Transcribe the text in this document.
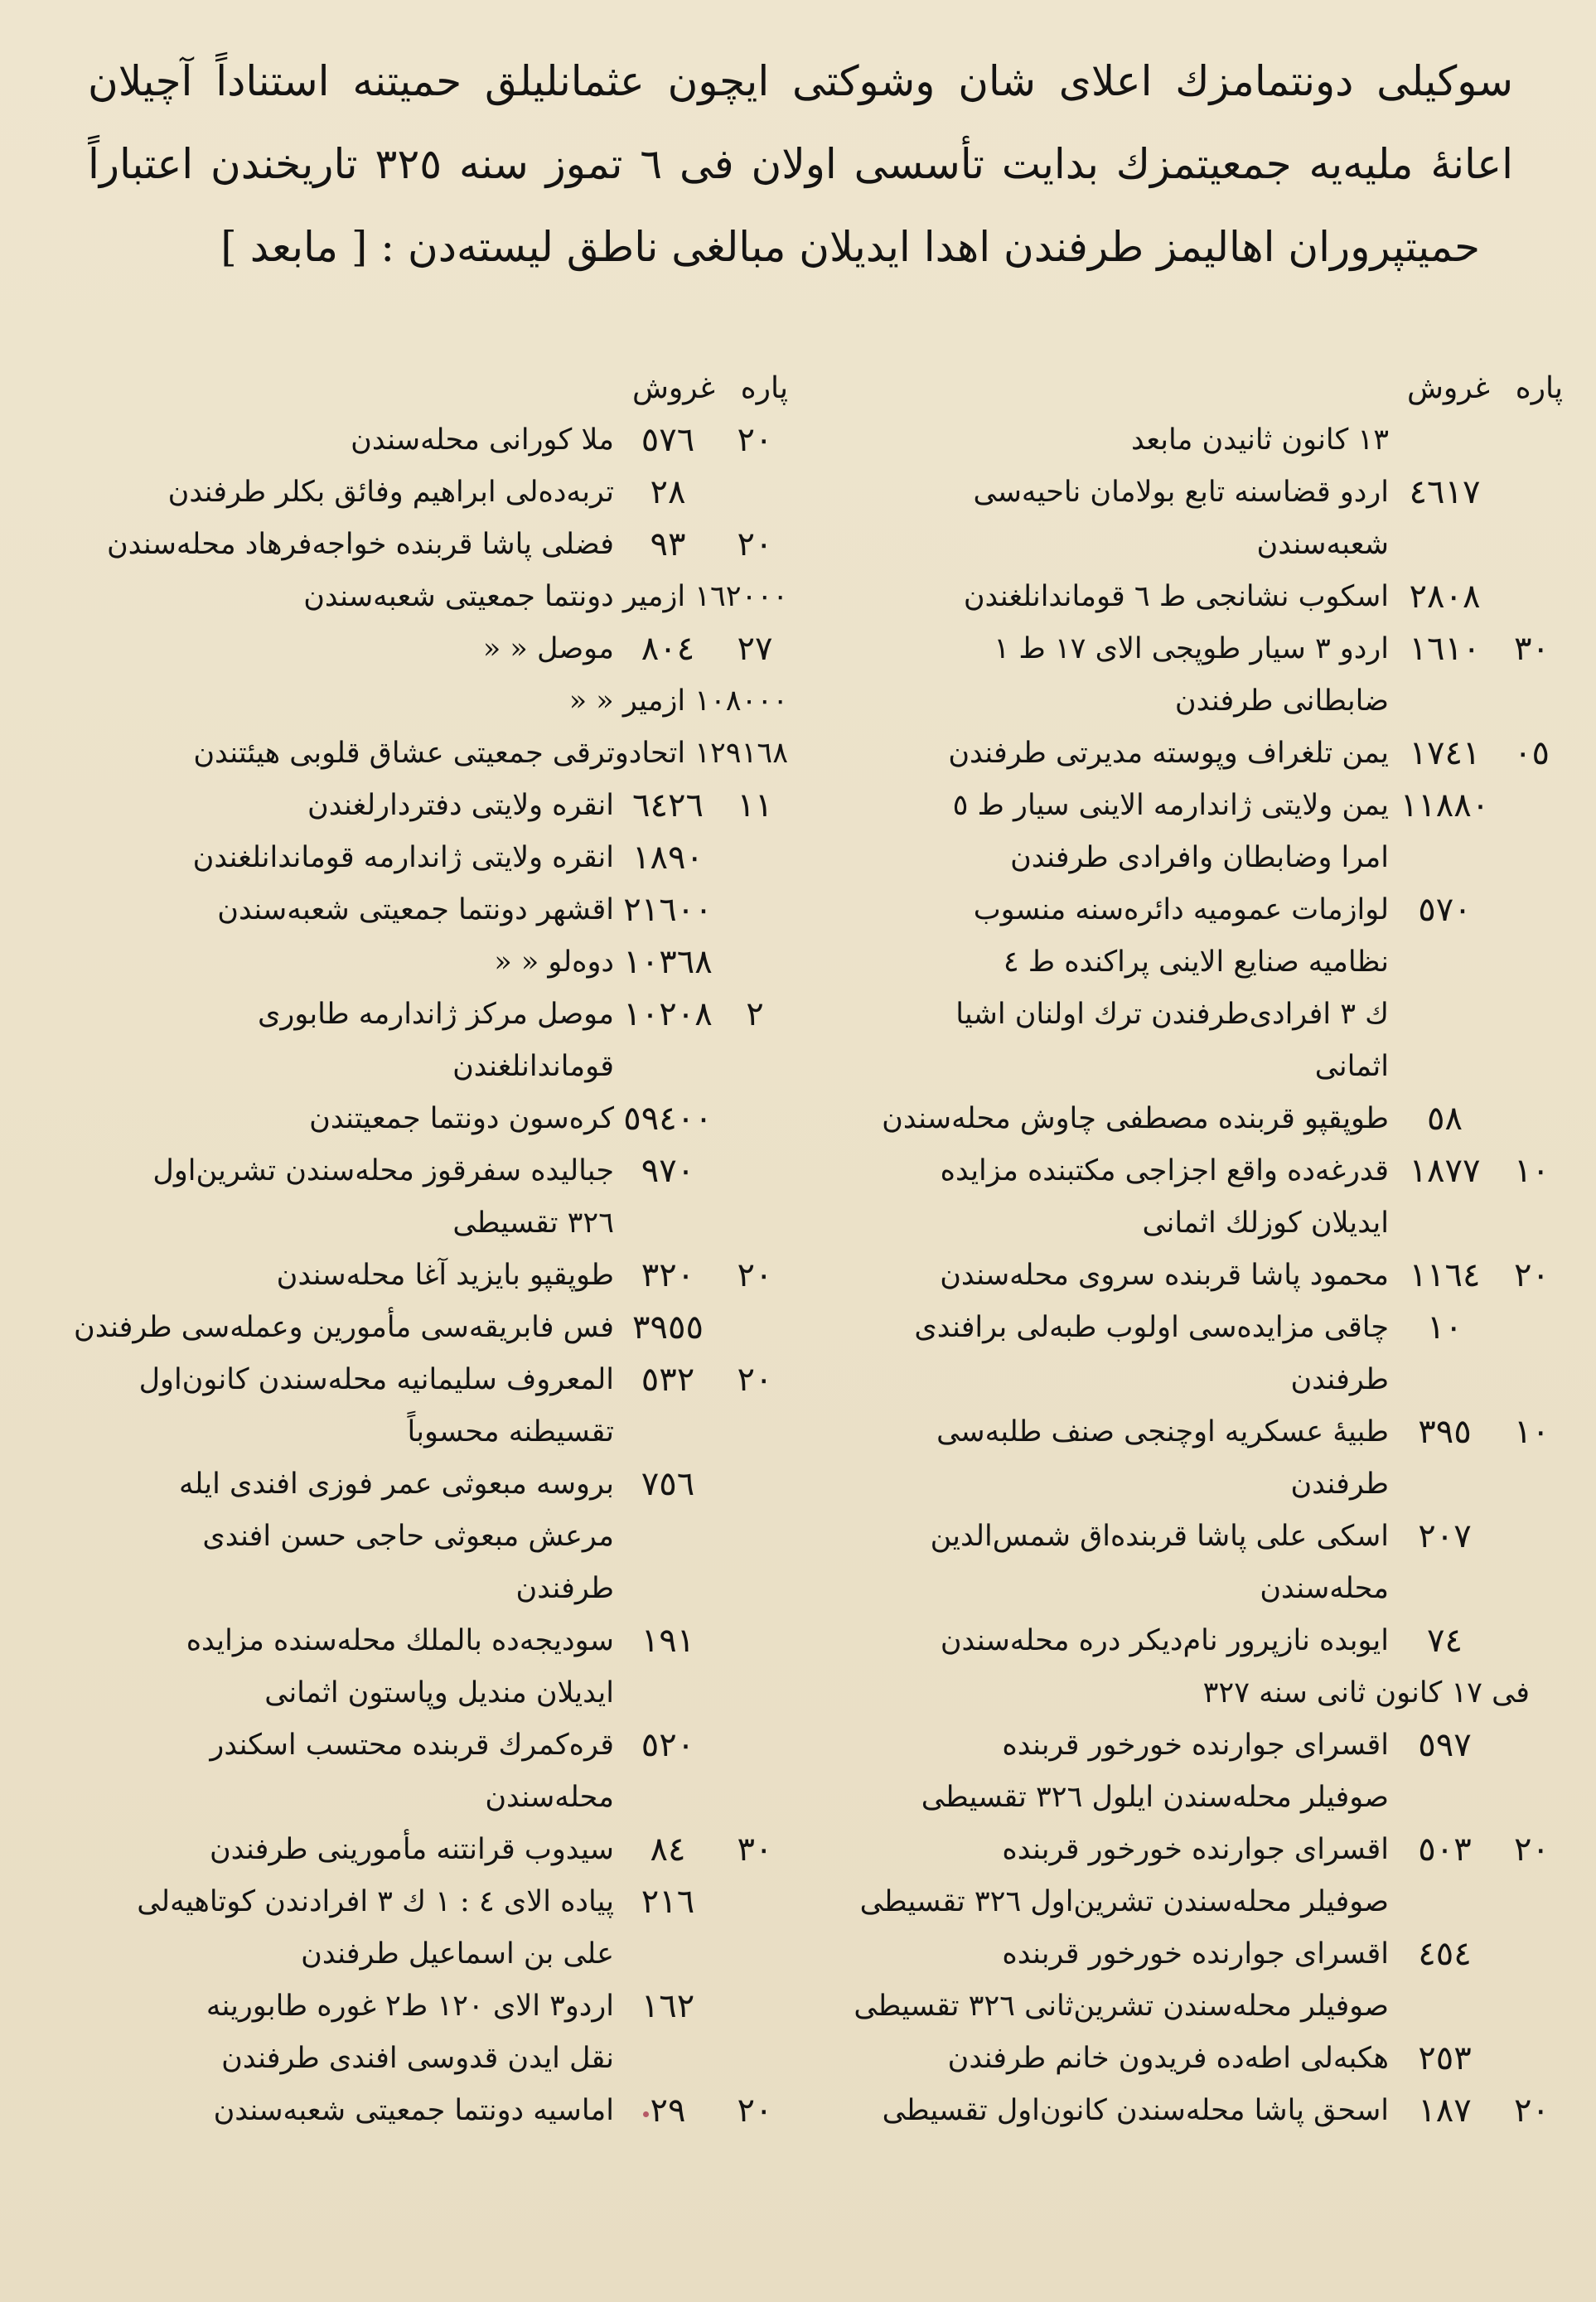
سوكيلى دونتمامزك اعلاى شان وشوكتى ايچون عثمانليلق حميتنه استناداً آچيلان
اعانهٔ مليه‌يه جمعيتمزك بدايت تأسسى اولان فى ٦ تموز سنه ٣٢٥ تاريخندن اعتباراً
حميتپروران اهاليمز طرفندن اهدا ايديلان مبالغى ناطق ليسته‌دن : [ مابعد ]
پاره
غروش
١٣ كانون ثانيدن مابعد
٤٦١٧
اردو قضاسنه تابع بولامان ناحيه‌سى
شعبه‌سندن
٢٨٠٨
اسكوب نشانجى ط ٦ قوماندانلغندن
٣٠
١٦١٠
اردو ٣ سيار طوپجى الاى ١٧ ط ١
ضابطانى طرفندن
٠٥
١٧٤١
يمن تلغراف وپوسته مديرتى طرفندن
١١٨٨٠
يمن ولايتى ژاندارمه الاينى سيار ط ٥
امرا وضابطان وافرادى طرفندن
٥٧٠
لوازمات عموميه دائره‌سنه منسوب
نظاميه صنايع الاينى پراكنده ط ٤
ك ٣ افرادى‌طرفندن ترك اولنان اشيا
اثمانى
٥٨
طوپقپو قربنده مصطفى چاوش محله‌سندن
١٠
١٨٧٧
قدرغه‌ده واقع اجزاجى مكتبنده مزايده
ايديلان كوزلك اثمانى
٢٠
١١٦٤
محمود پاشا قربنده سروى محله‌سندن
١٠
چاقى مزايده‌سى اولوب طبه‌لى برافندى
طرفندن
١٠
٣٩٥
طبيهٔ عسكريه اوچنجى صنف طلبه‌سى
طرفندن
٢٠٧
اسكى على پاشا قربنده‌اق شمس‌الدين
محله‌سندن
٧٤
ايوبده نازپرور نام‌ديكر دره محله‌سندن
فى ١٧ كانون ثانى سنه ٣٢٧
٥٩٧
اقسراى جوارنده خورخور قربنده
صوفيلر محله‌سندن ايلول ٣٢٦ تقسيطى
٢٠
٥٠٣
اقسراى جوارنده خورخور قربنده
صوفيلر محله‌سندن تشرين‌اول ٣٢٦ تقسيطى
٤٥٤
اقسراى جوارنده خورخور قربنده
صوفيلر محله‌سندن تشرين‌ثانى ٣٢٦ تقسيطى
٢٥٣
هكبه‌لى اطه‌ده فريدون خانم طرفندن
٢٠
١٨٧
اسحق پاشا محله‌سندن كانون‌اول تقسيطى
پاره
غروش
٢٠
٥٧٦
ملا كورانى محله‌سندن
٢٨
تربه‌ده‌لى ابراهيم وفائق بكلر طرفندن
٢٠
٩٣
فضلى پاشا قربنده خواجه‌فرهاد محله‌سندن
١٦٢٠٠٠ ازمير دونتما جمعيتى شعبه‌سندن
٢٧
٨٠٤
موصل « «
١٠٨٠٠٠ ازمير « «
١٢٩١٦٨ اتحادوترقى جمعيتى عشاق قلوبى هيئتندن
١١
٦٤٢٦
انقره ولايتى دفتردارلغندن
١٨٩٠
انقره ولايتى ژاندارمه قوماندانلغندن
٢١٦٠٠
اقشهر دونتما جمعيتى شعبه‌سندن
١٠٣٦٨
دوه‌لو « «
٢
١٠٢٠٨
موصل مركز ژاندارمه طابورى
قوماندانلغندن
٥٩٤٠٠
كره‌سون دونتما جمعيتندن
٩٧٠
جباليده سفرقوز محله‌سندن تشرين‌اول
٣٢٦ تقسيطى
٢٠
٣٢٠
طوپقپو بايزيد آغا محله‌سندن
٣٩٥٥
فس فابريقه‌سى مأمورين وعمله‌سى طرفندن
٢٠
٥٣٢
المعروف سليمانيه محله‌سندن كانون‌اول
تقسيطنه محسوباً
٧٥٦
بروسه مبعوثى عمر فوزى افندى ايله
مرعش مبعوثى حاجى حسن افندى
طرفندن
١٩١
سوديجه‌ده بالملك محله‌سنده مزايده
ايديلان منديل وپاستون اثمانى
٥٢٠
قره‌كمرك قربنده محتسب اسكندر
محله‌سندن
٣٠
٨٤
سيدوب قرانتنه مأمورينى طرفندن
٢١٦
پياده الاى ٤ : ١ ك ٣ افرادندن كوتاهيه‌لى
على بن اسماعيل طرفندن
١٦٢
اردو٣ الاى ١٢٠ ط٢ غوره طابورينه
نقل ايدن قدوسى افندى طرفندن
٢٠
٢٩
اماسيه دونتما جمعيتى شعبه‌سندن
